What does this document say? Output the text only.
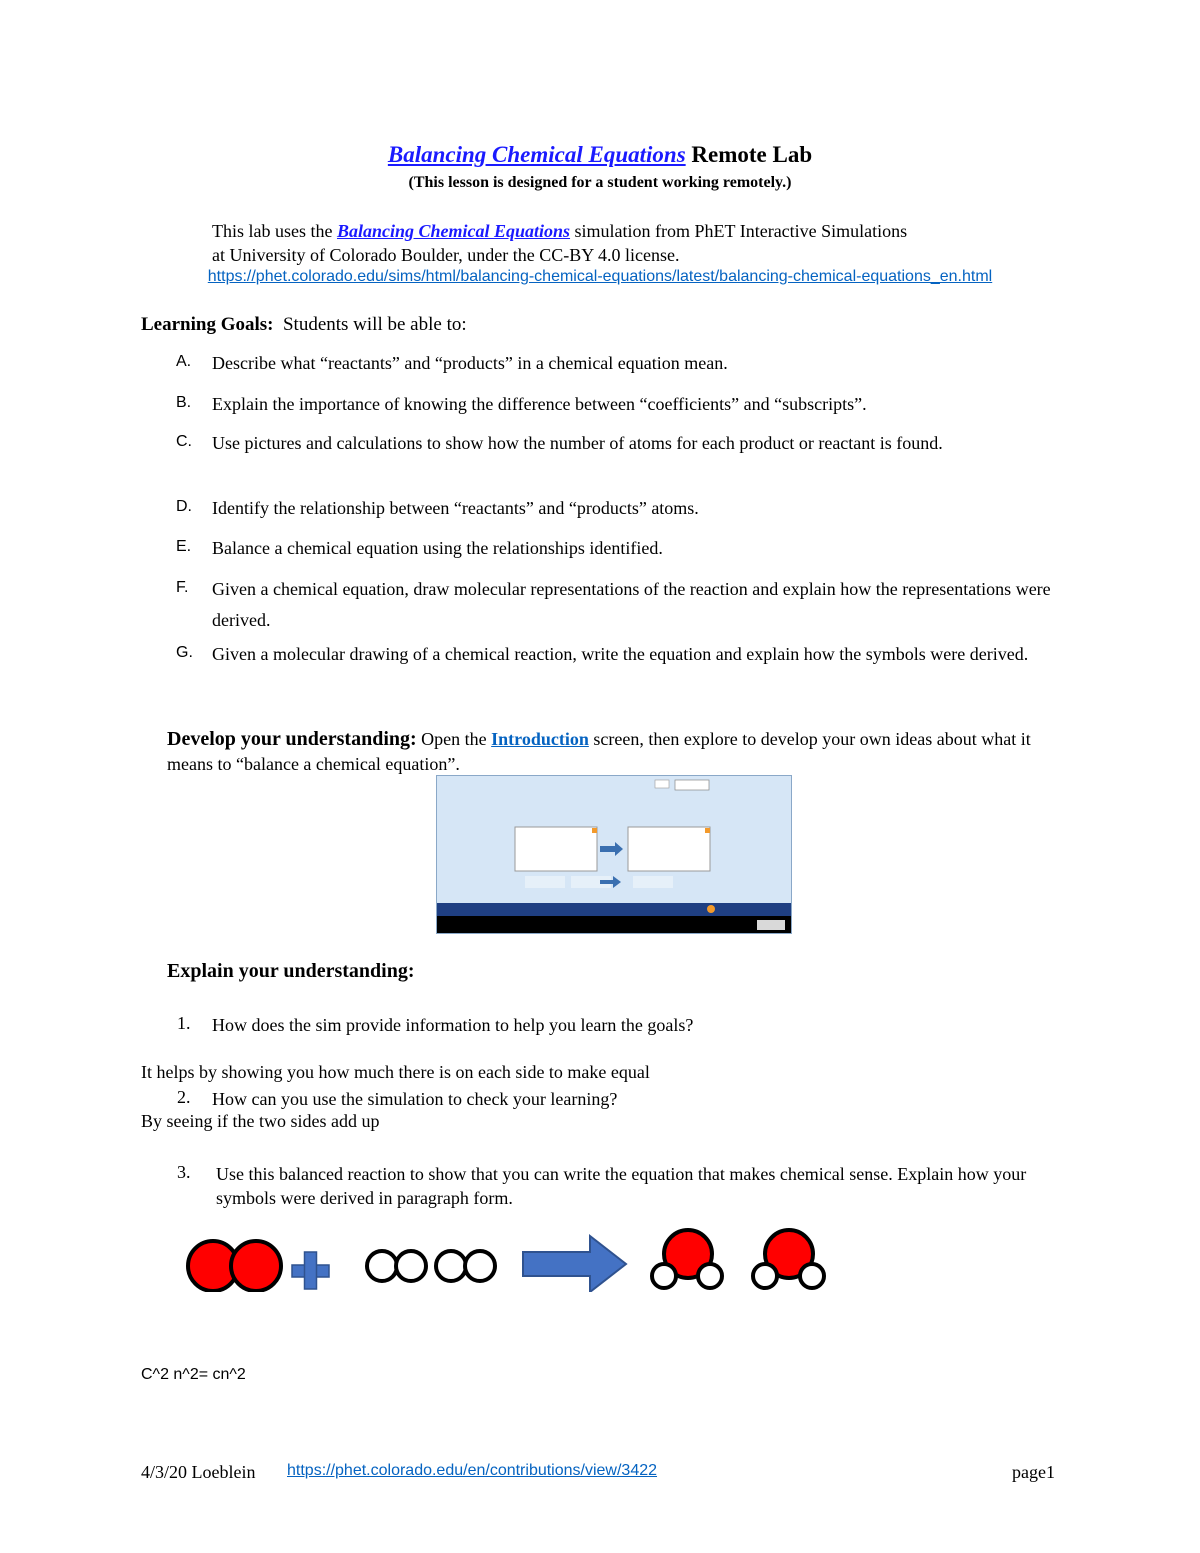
Balancing Chemical Equations Remote Lab
(This lesson is designed for a student working remotely.)
This lab uses the Balancing Chemical Equations simulation from PhET Interactive Simulations
at University of Colorado Boulder, under the CC-BY 4.0 license.
https://phet.colorado.edu/sims/html/balancing-chemical-equations/latest/balancing-chemical-equations_en.html
Learning Goals: Students will be able to:
A. Describe what “reactants” and “products” in a chemical equation mean.
B. Explain the importance of knowing the difference between “coefficients” and “subscripts”.
C. Use pictures and calculations to show how the number of atoms for each product or reactant is found.
D. Identify the relationship between “reactants” and “products” atoms.
E. Balance a chemical equation using the relationships identified.
F. Given a chemical equation, draw molecular representations of the reaction and explain how the representations were derived.
G. Given a molecular drawing of a chemical reaction, write the equation and explain how the symbols were derived.
Develop your understanding: Open the Introduction screen, then explore to develop your own ideas about what it means to “balance a chemical equation”.
Explain your understanding:
1. How does the sim provide information to help you learn the goals?
It helps by showing you how much there is on each side to make equal
2. How can you use the simulation to check your learning?
By seeing if the two sides add up
3. Use this balanced reaction to show that you can write the equation that makes chemical sense. Explain how your symbols were derived in paragraph form.
C^2 n^2= cn^2
4/3/20 Loeblein https://phet.colorado.edu/en/contributions/view/3422	page1
